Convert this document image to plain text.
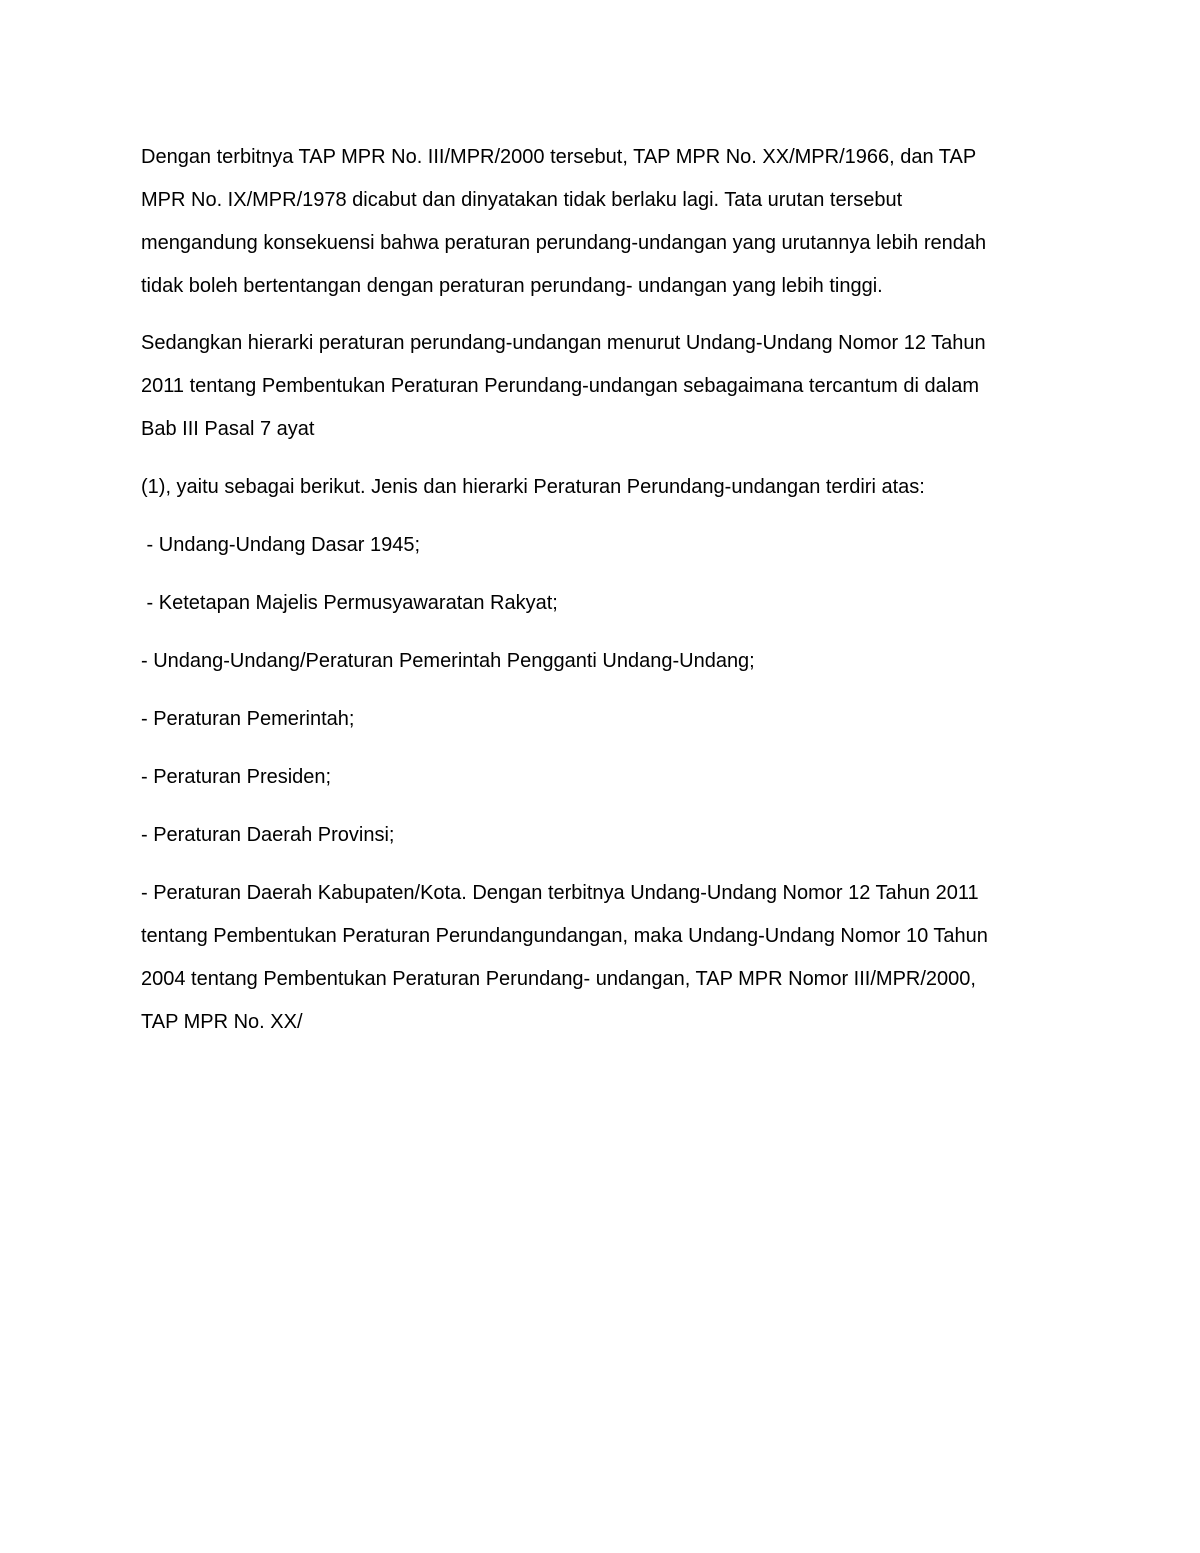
Dengan terbitnya TAP MPR No. III/MPR/2000 tersebut, TAP MPR No. XX/MPR/1966, dan TAP
MPR No. IX/MPR/1978 dicabut dan dinyatakan tidak berlaku lagi. Tata urutan tersebut
mengandung konsekuensi bahwa peraturan perundang-undangan yang urutannya lebih rendah
tidak boleh bertentangan dengan peraturan perundang- undangan yang lebih tinggi.
Sedangkan hierarki peraturan perundang-undangan menurut Undang-Undang Nomor 12 Tahun
2011 tentang Pembentukan Peraturan Perundang-undangan sebagaimana tercantum di dalam
Bab III Pasal 7 ayat
(1), yaitu sebagai berikut. Jenis dan hierarki Peraturan Perundang-undangan terdiri atas:
- Undang-Undang Dasar 1945;
- Ketetapan Majelis Permusyawaratan Rakyat;
- Undang-Undang/Peraturan Pemerintah Pengganti Undang-Undang;
- Peraturan Pemerintah;
- Peraturan Presiden;
- Peraturan Daerah Provinsi;
- Peraturan Daerah Kabupaten/Kota. Dengan terbitnya Undang-Undang Nomor 12 Tahun 2011
tentang Pembentukan Peraturan Perundangundangan, maka Undang-Undang Nomor 10 Tahun
2004 tentang Pembentukan Peraturan Perundang- undangan, TAP MPR Nomor III/MPR/2000,
TAP MPR No. XX/
